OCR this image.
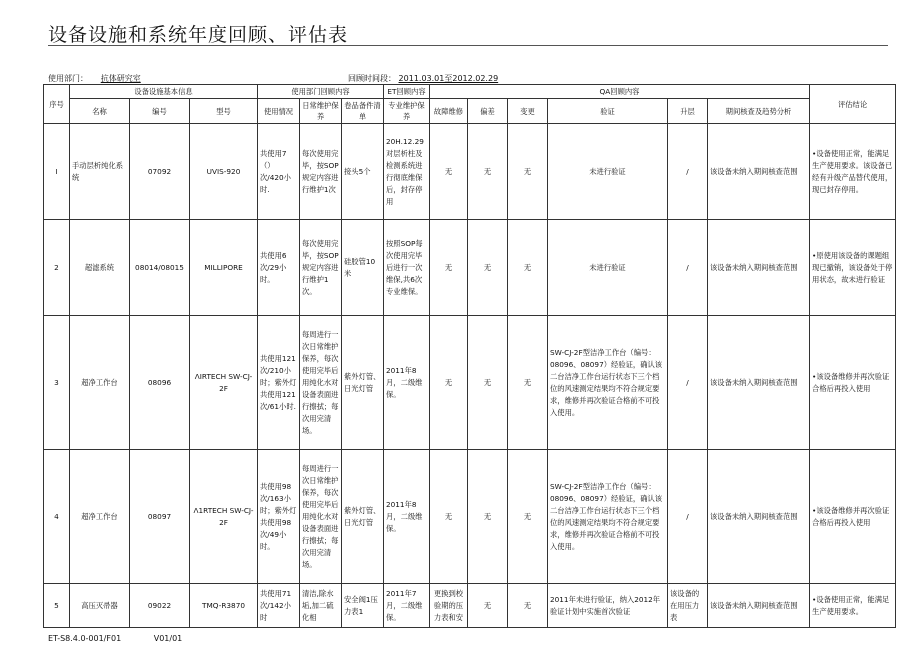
设备设施和系统年度回顾、评估表
使用部门： 抗体研究室	回顾时间段： 2011.03.01至2012.02.29
序号	设备设施基本信息			使用部门回顾内容			ET回顾内容	QA回顾内容						评估结论
	名称	编号	型号	使用情况	日常维护保养	卷品备件清单	专业维护保养	故障维修	偏差	变更	验证	升层	期间核查及趋势分析	
I	手动层析纯化系统	07092	UVIS-920	共使用7（）次/420小时.	每次使用完毕，按SOP规定内容进行维护1次	接头5个	20H.12.29对层析柱及检测系统进行彻底维保后，封存停用	无	无	无	未进行验证	/	该设备未纳入期间核查范围	•设备使用正常，能满足生产使用要求。该设备已经有升级产品替代使用，现已封存停用。
2	超滤系统	08014/08015	MILLIPORE	共使用6次/29小时。	每次使用完毕，按SOP规定内容进行维护1次。	硅胶管10米	按照SOP每次使用完毕后进行一次维保,共6次专业维保。	无	无	无	未进行验证	/	该设备未纳入期间核查范围	•原使用该设备的课题组现已撤销，该设备处于停用状态，故未进行验证
3	超净工作台	08096	ΛIRTECH SW-CJ-2F	共使用121次/210小时；紫外灯共使用121次/61小时.	每周进行一次日常维护保养，每次使用完毕后用纯化水对设备表面进行擦拭；每次用完清场。	紫外灯管、日光灯管	2011年8月，二级维保。	无	无	无	SW-CJ-2F型洁净工作台（编号：08096、08097）经验证，确认该二台洁净工作台运行状态下三个档位的风速测定结果均不符合规定要求，维修并再次验证合格前不可投入使用。	/	该设备未纳入期间核查范围	•该设备维修并再次验证合格后再投入使用
4	超净工作台	08097	Λ1RTECH SW-CJ-2F	共使用98次/163小时；紫外灯共使用98次/49小时。	每周进行一次日常维护保养，每次使用完毕后用纯化水对设备表面进行擦拭；每次用完清场。	紫外灯管、日光灯管	2011年8月，二级维保。	无	无	无	SW-CJ-2F型洁净工作台（编号：08096、08097）经验证，确认该二台洁净工作台运行状态下三个档位的风速测定结果均不符合规定要求，维修并再次验证合格前不可投入使用。	/	该设备未纳入期间核查范围	•该设备维修并再次验证合格后再投入使用
5	高压灭帚器	09022	TMQ-R3870	共使用71次/142小时	清洁,除水垢,加二硫化相	安全阀1压力表1	2011年7月，二级维保。	更换到校验期的压力表和安	无	无	2011年未进行验证，纳入2012年验证计划中实施首次验证	该设备的在用压力表	该设备未纳入期间核查范围	•设备使用正常，能满足生产使用要求。
ET-S8.4.0-001/F01	V01/01
